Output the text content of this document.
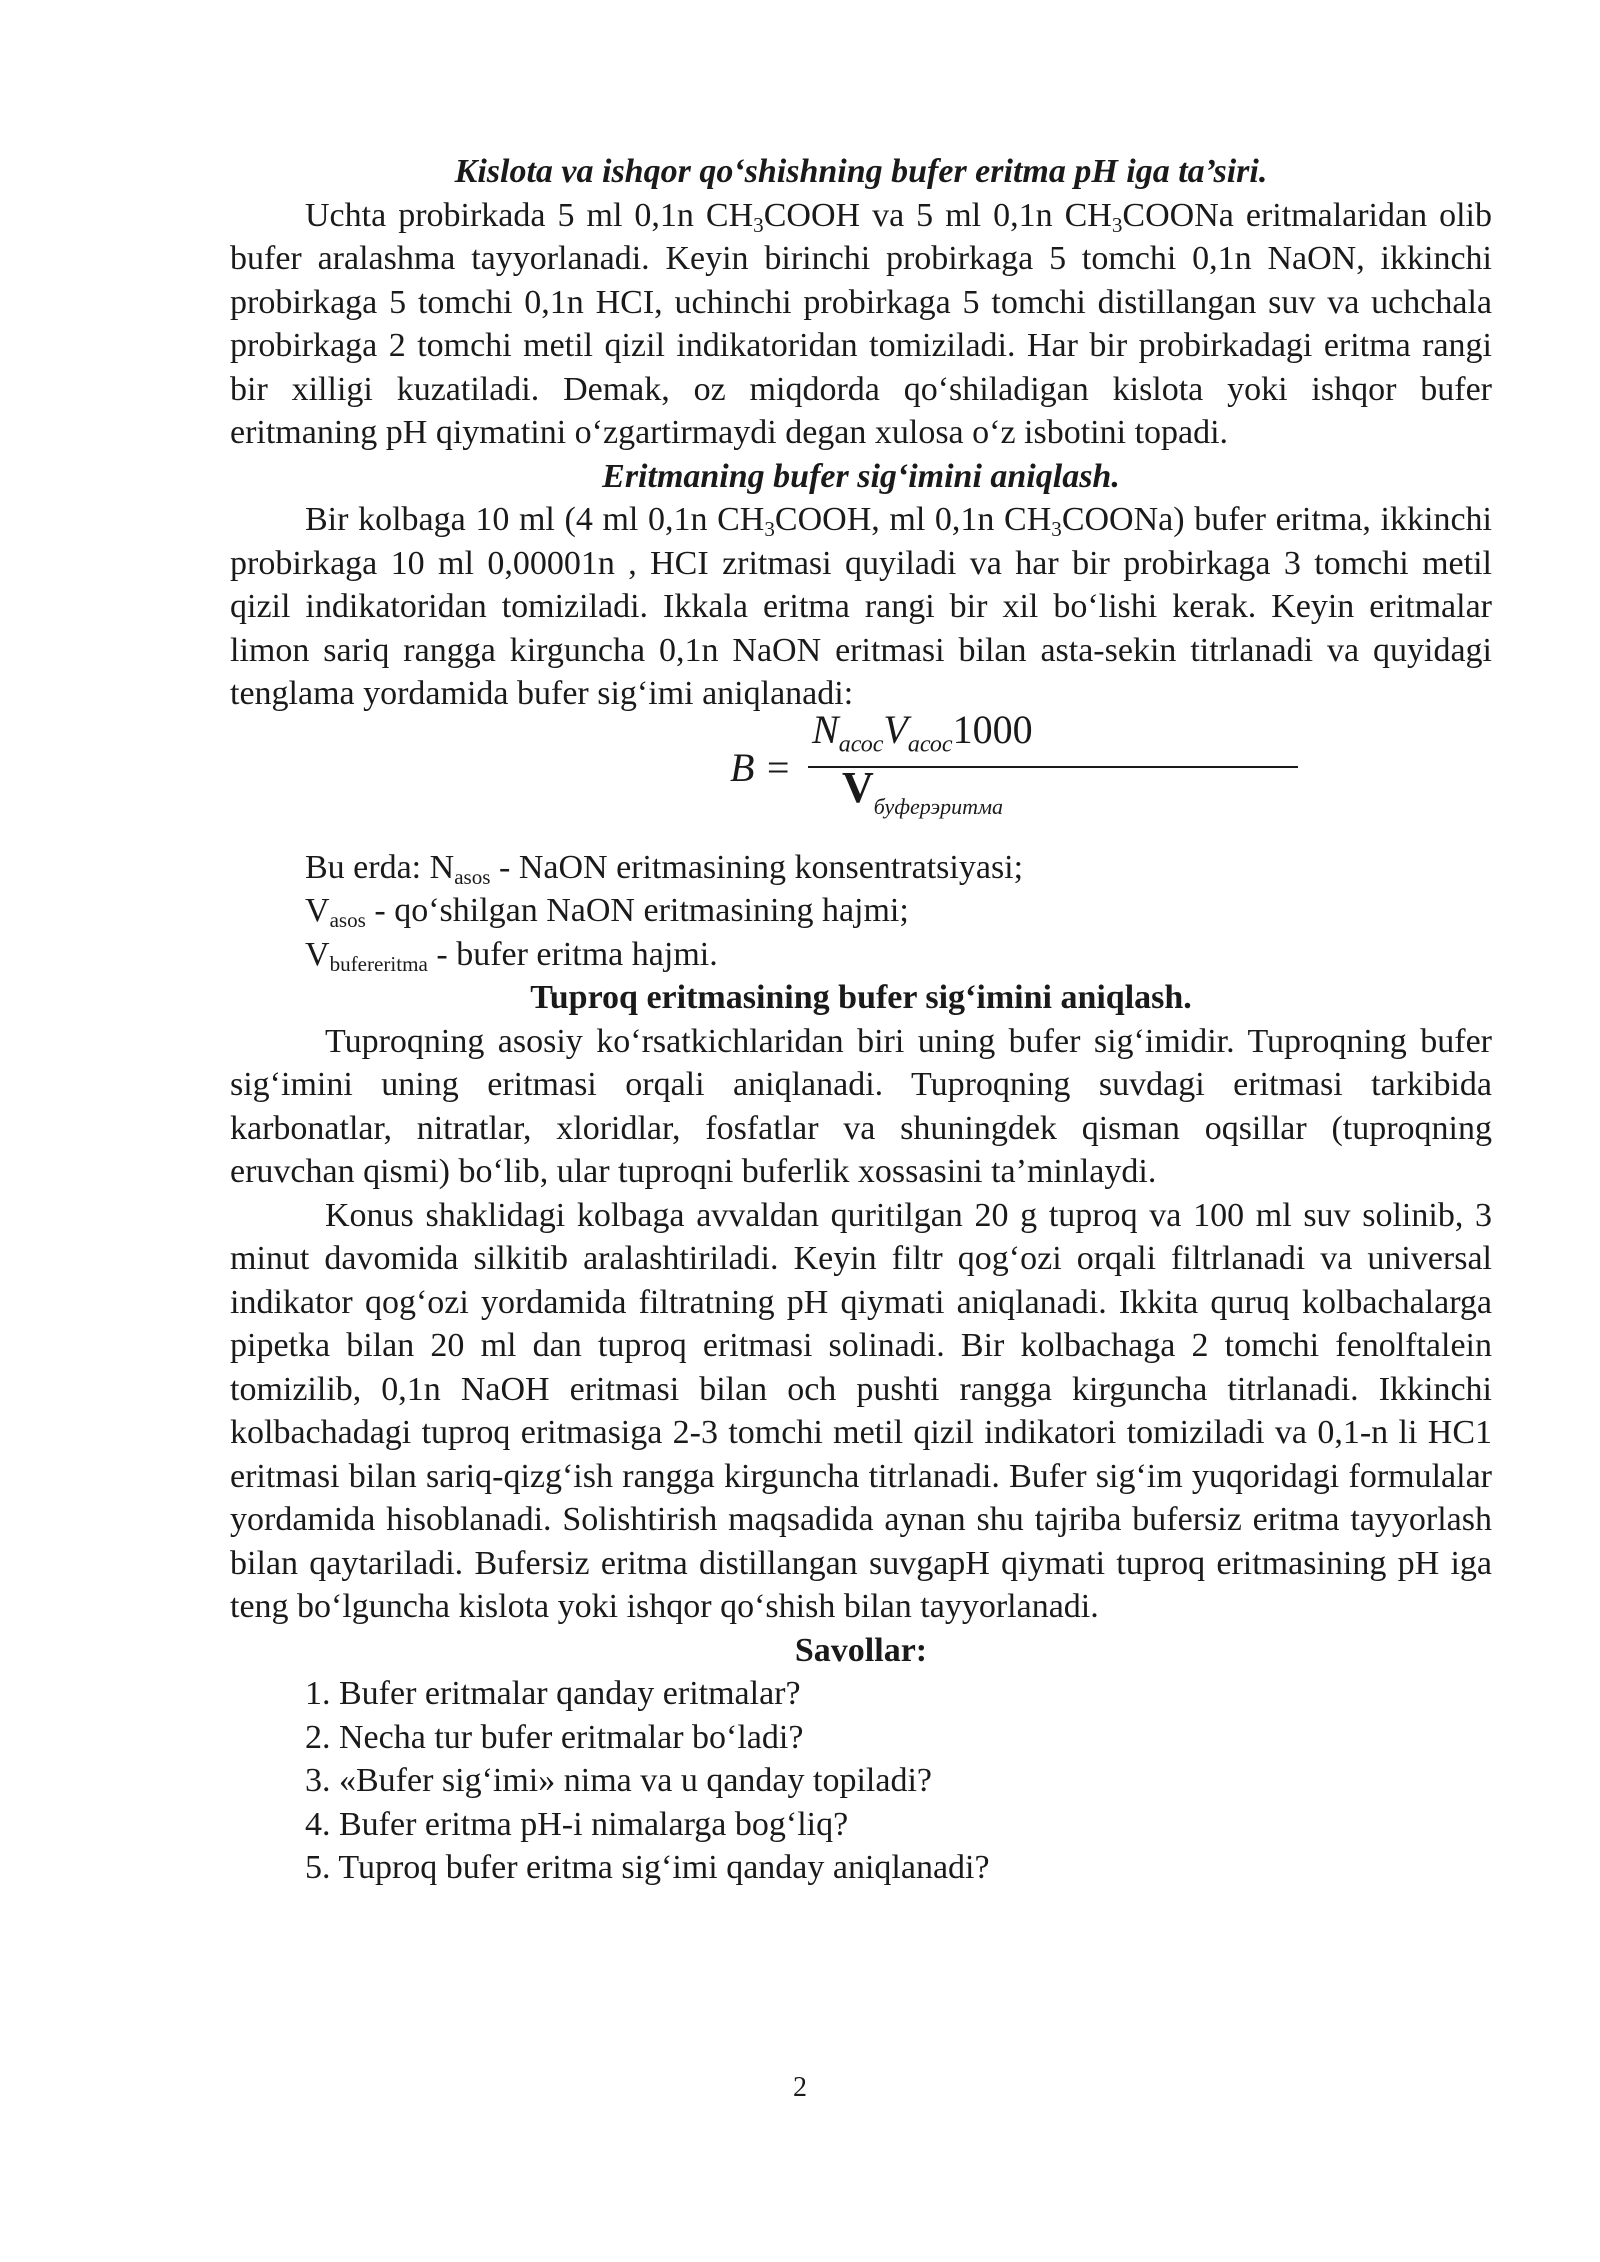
Kislota va ishqor qo‘shishning bufer eritma pH iga ta’siri.

Uchta probirkada 5 ml 0,1n $CH_3COOH$ va 5 ml 0,1n $CH_3COONa$ eritmalaridan olib bufer aralashma tayyorlanadi. Keyin birinchi probirkaga 5 tomchi 0,1n NaON, ikkinchi probirkaga 5 tomchi 0,1n HCI, uchinchi probirkaga 5 tomchi distillangan suv va uchchala probirkaga 2 tomchi metil qizil indikatoridan tomiziladi. Har bir probirkadagi eritma rangi bir xilligi kuzatiladi. Demak, oz miqdorda qo‘shiladigan kislota yoki ishqor bufer eritmaning pH qiymatini o‘zgartirmaydi degan xulosa o‘z isbotini topadi.

Eritmaning bufer sig‘imini aniqlash.

Bir kolbaga 10 ml (4 ml 0,1n $CH_3COOH$, ml 0,1n $CH_3COONa$) bufer eritma, ikkinchi probirkaga 10 ml 0,00001n , HCI zritmasi quyiladi va har bir probirkaga 3 tomchi metil qizil indikatoridan tomiziladi. Ikkala eritma rangi bir xil bo‘lishi kerak. Keyin eritmalar limon sariq rangga kirguncha 0,1n NaON eritmasi bilan asta-sekin titrlanadi va quyidagi tenglama yordamida bufer sig‘imi aniqlanadi:

B =
$N_{асос}V_{асос}1000$
$V_{буферэритма}$

Bu erda: $N_{asos}$ - NaON eritmasining konsentratsiyasi;

$V_{asos}$ - qo‘shilgan NaON eritmasining hajmi;

$V_{bufereritma}$ - bufer eritma hajmi.

Tuproq eritmasining bufer sig‘imini aniqlash.

Tuproqning asosiy ko‘rsatkichlaridan biri uning bufer sig‘imidir. Tuproqning bufer sig‘imini uning eritmasi orqali aniqlanadi. Tuproqning suvdagi eritmasi tarkibida karbonatlar, nitratlar, xloridlar, fosfatlar va shuningdek qisman oqsillar (tuproqning eruvchan qismi) bo‘lib, ular tuproqni buferlik xossasini ta’minlaydi.

Konus shaklidagi kolbaga avvaldan quritilgan 20 g tuproq va 100 ml suv solinib, 3 minut davomida silkitib aralashtiriladi. Keyin filtr qog‘ozi orqali filtrlanadi va universal indikator qog‘ozi yordamida filtratning pH qiymati aniqlanadi. Ikkita quruq kolbachalarga pipetka bilan 20 ml dan tuproq eritmasi solinadi. Bir kolbachaga 2 tomchi fenolftalein tomizilib, 0,1n NaOH eritmasi bilan och pushti rangga kirguncha titrlanadi. Ikkinchi kolbachadagi tuproq eritmasiga 2-3 tomchi metil qizil indikatori tomiziladi va 0,1-n li HC1 eritmasi bilan sariq-qizg‘ish rangga kirguncha titrlanadi. Bufer sig‘im yuqoridagi formulalar yordamida hisoblanadi. Solishtirish maqsadida aynan shu tajriba bufersiz eritma tayyorlash bilan qaytariladi. Bufersiz eritma distillangan suvgapH qiymati tuproq eritmasining pH iga teng bo‘lguncha kislota yoki ishqor qo‘shish bilan tayyorlanadi.

Savollar:

1. Bufer eritmalar qanday eritmalar?
2. Necha tur bufer eritmalar bo‘ladi?
3. «Bufer sig‘imi» nima va u qanday topiladi?
4. Bufer eritma pH-i nimalarga bog‘liq?
5. Tuproq bufer eritma sig‘imi qanday aniqlanadi?
2
